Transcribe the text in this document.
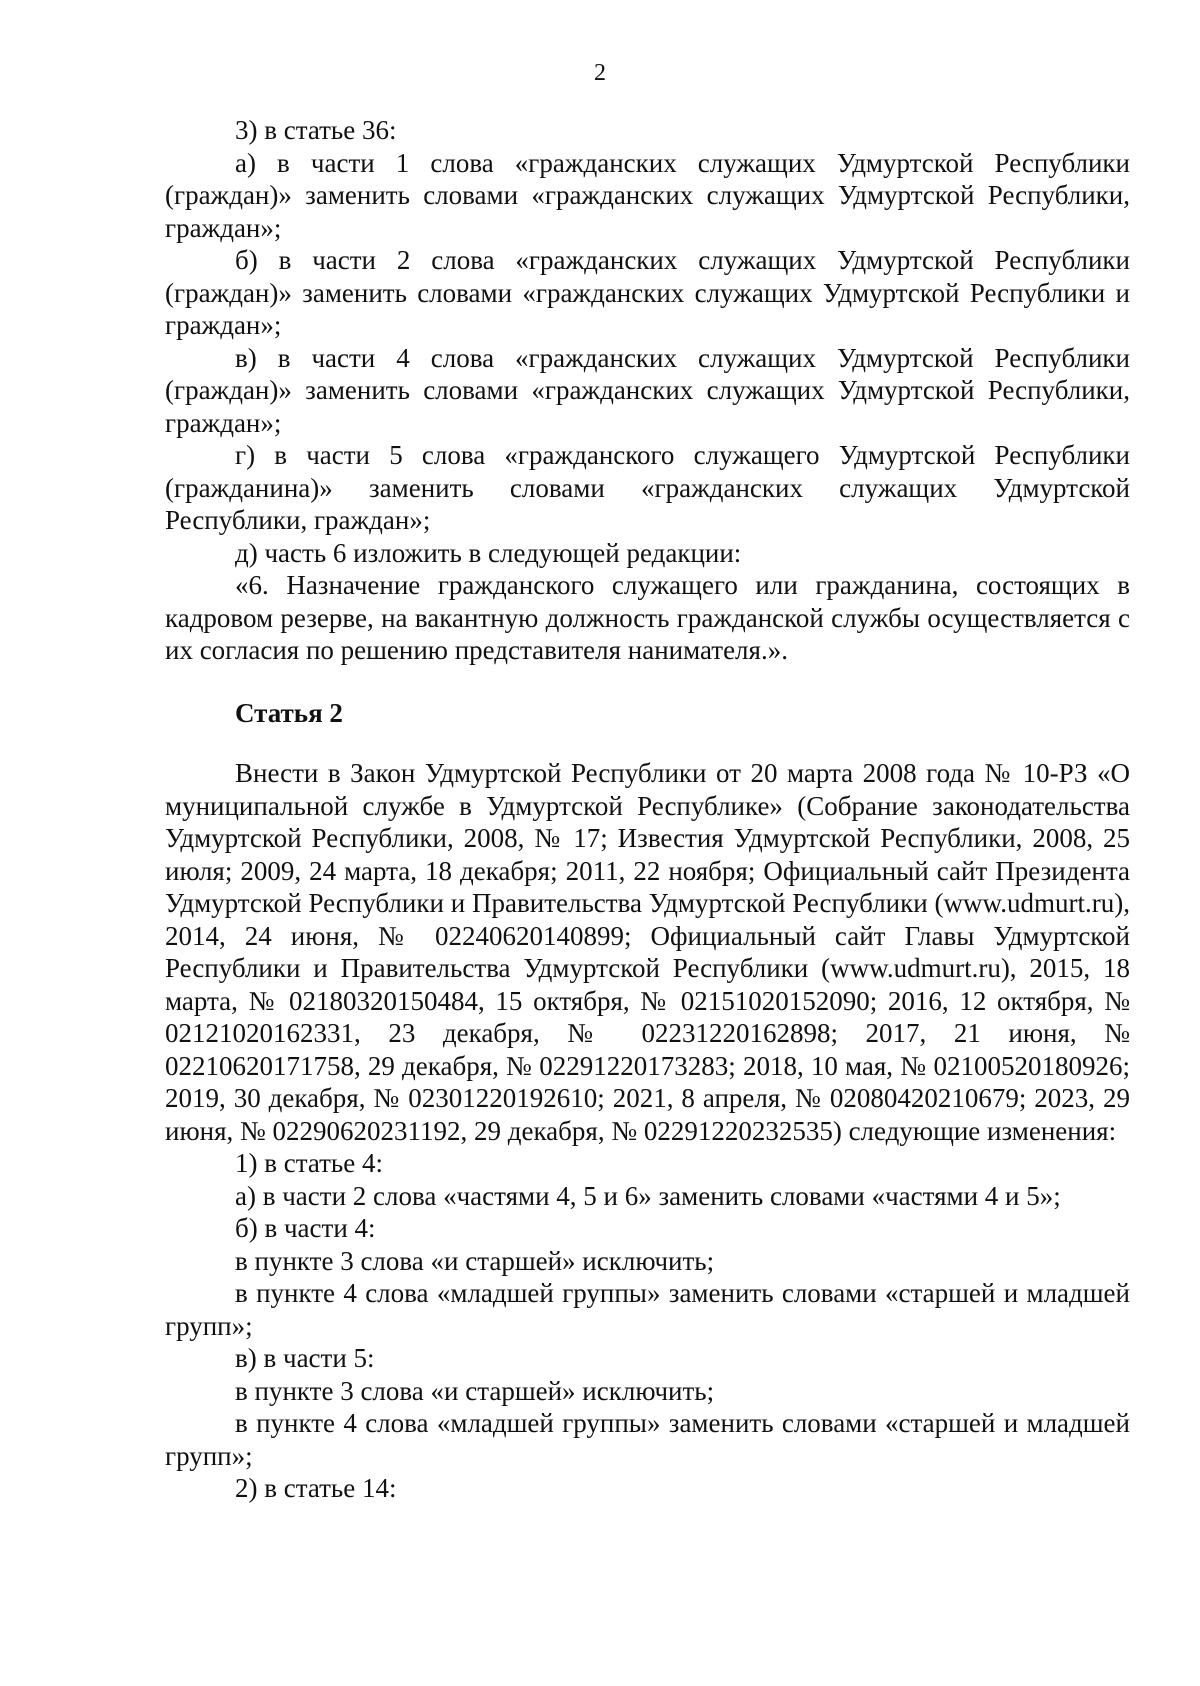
2

3) в статье 36:

а) в части 1 слова «гражданских служащих Удмуртской Республики (граждан)» заменить словами «гражданских служащих Удмуртской Республики, граждан»;

б) в части 2 слова «гражданских служащих Удмуртской Республики (граждан)» заменить словами «гражданских служащих Удмуртской Республики и граждан»;

в) в части 4 слова «гражданских служащих Удмуртской Республики (граждан)» заменить словами «гражданских служащих Удмуртской Республики, граждан»;

г) в части 5 слова «гражданского служащего Удмуртской Республики (гражданина)» заменить словами «гражданских служащих Удмуртской Республики, граждан»;

д) часть 6 изложить в следующей редакции:

«6. Назначение гражданского служащего или гражданина, состоящих в кадровом резерве, на вакантную должность гражданской службы осуществляется с их согласия по решению представителя нанимателя.».

Статья 2

Внести в Закон Удмуртской Республики от 20 марта 2008 года № 10-РЗ «О муниципальной службе в Удмуртской Республике» (Собрание законодательства Удмуртской Республики, 2008, № 17; Известия Удмуртской Республики, 2008, 25 июля; 2009, 24 марта, 18 декабря; 2011, 22 ноября; Официальный сайт Президента Удмуртской Республики и Правительства Удмуртской Республики (www.udmurt.ru), 2014, 24 июня, № 02240620140899; Официальный сайт Главы Удмуртской Республики и Правительства Удмуртской Республики (www.udmurt.ru), 2015, 18 марта, № 02180320150484, 15 октября, № 02151020152090; 2016, 12 октября, № 02121020162331, 23 декабря, № 02231220162898; 2017, 21 июня, № 02210620171758, 29 декабря, № 02291220173283; 2018, 10 мая, № 02100520180926; 2019, 30 декабря, № 02301220192610; 2021, 8 апреля, № 02080420210679; 2023, 29 июня, № 02290620231192, 29 декабря, № 02291220232535) следующие изменения:

1) в статье 4:

а) в части 2 слова «частями 4, 5 и 6» заменить словами «частями 4 и 5»;

б) в части 4:

в пункте 3 слова «и старшей» исключить;

в пункте 4 слова «младшей группы» заменить словами «старшей и младшей групп»;

в) в части 5:

в пункте 3 слова «и старшей» исключить;

в пункте 4 слова «младшей группы» заменить словами «старшей и младшей групп»;

2) в статье 14:
